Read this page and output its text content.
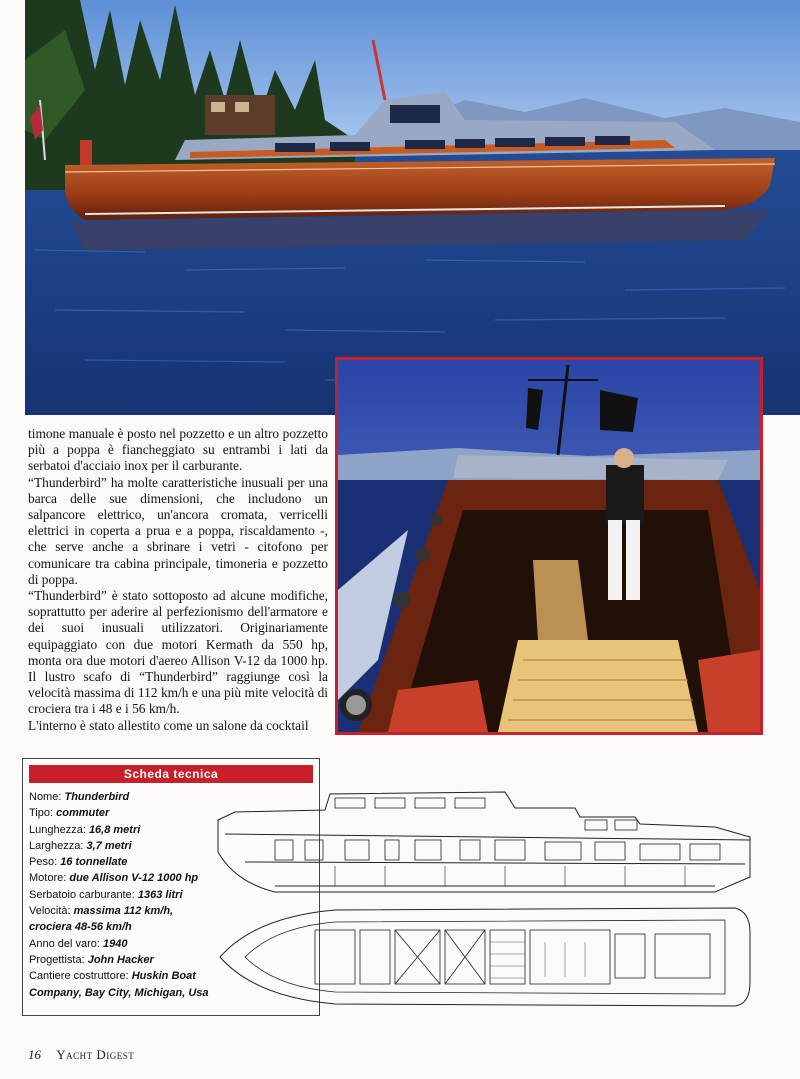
timone manuale è posto nel pozzetto e un altro pozzetto più a poppa è fiancheggiato su entrambi i lati da serbatoi d'acciaio inox per il carburante.

“Thunderbird” ha molte caratteristiche inusuali per una barca delle sue dimensioni, che includono un salpancore elettrico, un'ancora cromata, verricelli elettrici in coperta a prua e a poppa, riscaldamento -, che serve anche a sbrinare i vetri - citofono per comunicare tra cabina principale, timoneria e pozzetto di poppa.

“Thunderbird” è stato sottoposto ad alcune modifiche, soprattutto per aderire al perfezionismo dell'armatore e dei suoi inusuali utilizzatori. Originariamente equipaggiato con due motori Kermath da 550 hp, monta ora due motori d'aereo Allison V-12 da 1000 hp. Il lustro scafo di “Thunderbird” raggiunge così la velocità massima di 112 km/h e una più mite velocità di crociera tra i 48 e i 56 km/h.

L'interno è stato allestito come un salone da cocktail

Scheda tecnica
Nome: Thunderbird
Tipo: commuter
Lunghezza: 16,8 metri
Larghezza: 3,7 metri
Peso: 16 tonnellate
Motore: due Allison V-12 1000 hp
Serbatoio carburante: 1363 litri
Velocità: massima 112 km/h,
crociera 48-56 km/h
Anno del varo: 1940
Progettista: John Hacker
Cantiere costruttore: Huskin Boat
Company, Bay City, Michigan, Usa
16 Yacht Digest
